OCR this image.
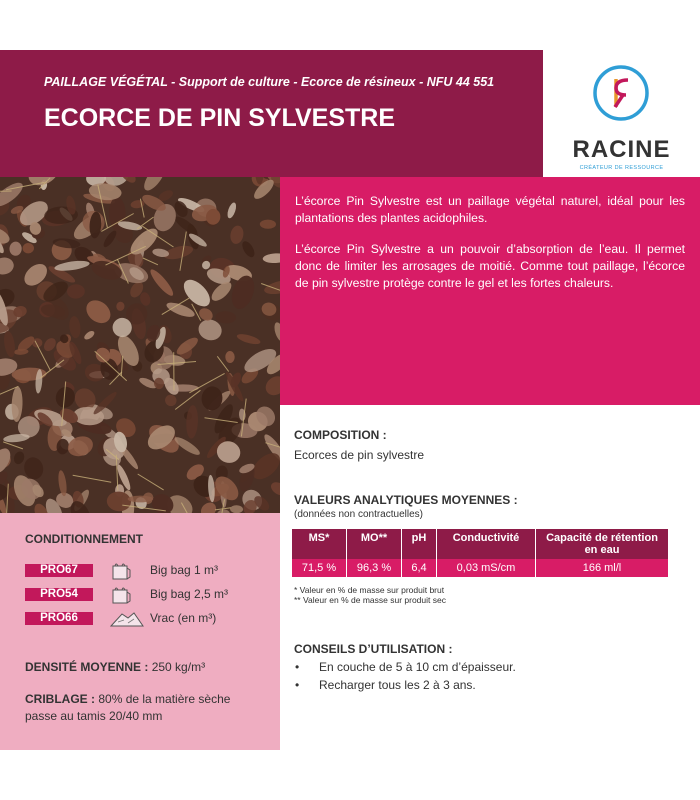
PAILLAGE VÉGÉTAL - Support de culture - Ecorce de résineux - NFU 44 551
ECORCE DE PIN SYLVESTRE
RACINE
CRÉATEUR DE RESSOURCE

L’écorce Pin Sylvestre est un paillage végétal naturel, idéal pour les plantations des plantes acidophiles.

L’écorce Pin Sylvestre a un pouvoir d’absorption de l’eau. Il permet donc de limiter les arrosages de moitié. Comme tout paillage, l’écorce de pin sylvestre protège contre le gel et les fortes chaleurs.

CONDITIONNEMENT
PRO67	Big bag 1 m³
PRO54	Big bag 2,5 m³
PRO66	Vrac (en m³)
DENSITÉ MOYENNE : 250 kg/m³
CRIBLAGE : 80% de la matière sèche passe au tamis 20/40 mm
COMPOSITION :
Ecorces de pin sylvestre
VALEURS ANALYTIQUES MOYENNES :
(données non contractuelles)
MS*	MO**	pH	Conductivité	Capacité de rétention en eau
71,5 %	96,3 %	6,4	0,03 mS/cm	166 ml/l
* Valeur en % de masse sur produit brut
** Valeur en % de masse sur produit sec
CONSEILS D’UTILISATION :
• En couche de 5 à 10 cm d’épaisseur.
• Recharger tous les 2 à 3 ans.
